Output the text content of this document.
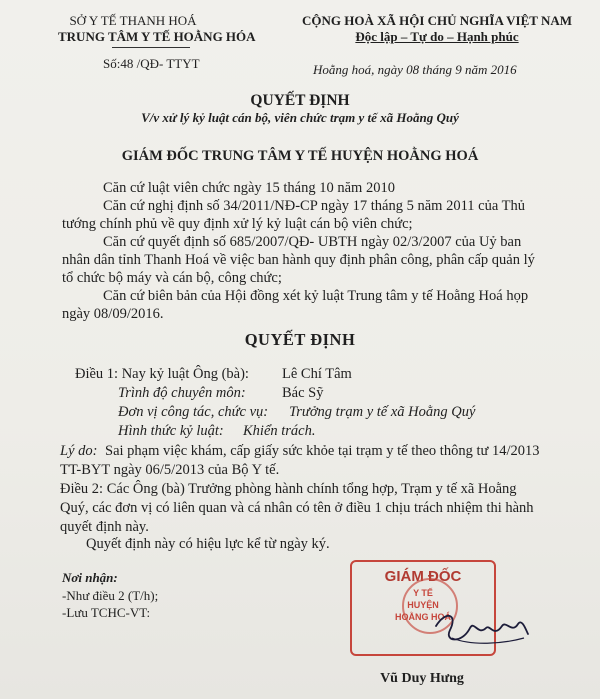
SỞ Y TẾ THANH HOÁ
TRUNG TÂM Y TẾ HOẰNG HÓA
Số:48 /QĐ- TTYT
CỘNG HOÀ XÃ HỘI CHỦ NGHĨA VIỆT NAM
Độc lập – Tự do – Hạnh phúc
Hoằng hoá, ngày 08 tháng 9 năm 2016
QUYẾT ĐỊNH
V/v xử lý kỷ luật cán bộ, viên chức trạm y tế xã Hoằng Quý
GIÁM ĐỐC TRUNG TÂM Y TẾ HUYỆN HOẰNG HOÁ
Căn cứ luật viên chức ngày 15 tháng 10 năm 2010
Căn cứ nghị định số 34/2011/NĐ-CP ngày 17 tháng 5 năm 2011 của Thủ
tướng chính phủ về quy định xử lý kỷ luật cán bộ viên chức;
Căn cứ quyết định số 685/2007/QĐ- UBTH ngày 02/3/2007 của Uỷ ban
nhân dân tỉnh Thanh Hoá về việc ban hành quy định phân công, phân cấp quản lý
tổ chức bộ máy và cán bộ, công chức;
Căn cứ biên bản của Hội đồng xét kỷ luật Trung tâm y tế Hoằng Hoá họp
ngày 08/09/2016.
QUYẾT ĐỊNH
Điều 1: Nay kỷ luật Ông (bà): Lê Chí Tâm
Trình độ chuyên môn:	Bác Sỹ
Đơn vị công tác, chức vụ: Trưởng trạm y tế xã Hoằng Quý
Hình thức kỷ luật: Khiển trách.
Lý do: Sai phạm việc khám, cấp giấy sức khỏe tại trạm y tế theo thông tư 14/2013
TT-BYT ngày 06/5/2013 của Bộ Y tế.
Điều 2: Các Ông (bà) Trưởng phòng hành chính tổng hợp, Trạm y tế xã Hoằng
Quý, các đơn vị có liên quan và cá nhân có tên ở điều 1 chịu trách nhiệm thi hành
quyết định này.
Quyết định này có hiệu lực kể từ ngày ký.
Nơi nhận:
-Như điều 2 (T/h);
-Lưu TCHC-VT:
GIÁM ĐỐC
Y TẾ
HUYỆN
HOẰNG HOÁ
Vũ Duy Hưng
